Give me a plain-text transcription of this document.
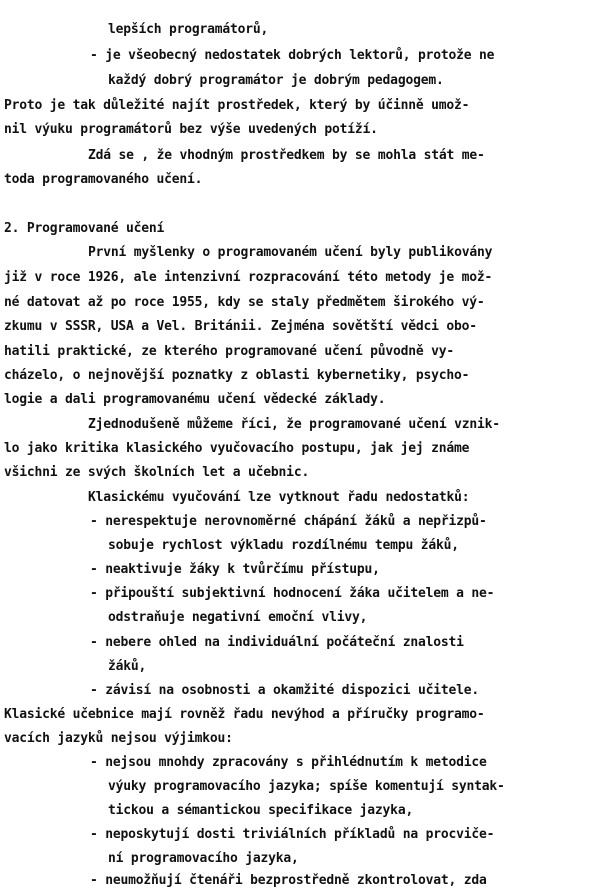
lepších programátorů,
- je všeobecný nedostatek dobrých lektorů, protože ne
každý dobrý programátor je dobrým pedagogem.
Proto je tak důležité najít prostředek, který by účinně umož-
nil výuku programátorů bez výše uvedených potíží.
Zdá se , že vhodným prostředkem by se mohla stát me-
toda programovaného učení.
2. Programované učení
První myšlenky o programovaném učení byly publikovány
již v roce 1926, ale intenzivní rozpracování této metody je mož-
né datovat až po roce 1955, kdy se staly předmětem širokého vý-
zkumu v SSSR, USA a Vel. Británii. Zejména sovětští vědci obo-
hatili praktické, ze kterého programované učení původně vy-
cházelo, o nejnovější poznatky z oblasti kybernetiky, psycho-
logie a dali programovanému učení vědecké základy.
Zjednodušeně můžeme říci, že programované učení vznik-
lo jako kritika klasického vyučovacího postupu, jak jej známe
všichni ze svých školních let a učebnic.
Klasickému vyučování lze vytknout řadu nedostatků:
- nerespektuje nerovnoměrné chápání žáků a nepřizpů-
sobuje rychlost výkladu rozdílnému tempu žáků,
- neaktivuje žáky k tvůrčímu přístupu,
- připouští subjektivní hodnocení žáka učitelem a ne-
odstraňuje negativní emoční vlivy,
- nebere ohled na individuální počáteční znalosti
žáků,
- závisí na osobnosti a okamžité dispozici učitele.
Klasické učebnice mají rovněž řadu nevýhod a příručky programo-
vacích jazyků nejsou výjimkou:
- nejsou mnohdy zpracovány s přihlédnutím k metodice
výuky programovacího jazyka; spíše komentují syntak-
tickou a sémantickou specifikace jazyka,
- neposkytují dosti triviálních příkladů na procviče-
ní programovacího jazyka,
- neumožňují čtenáři bezprostředně zkontrolovat, zda
